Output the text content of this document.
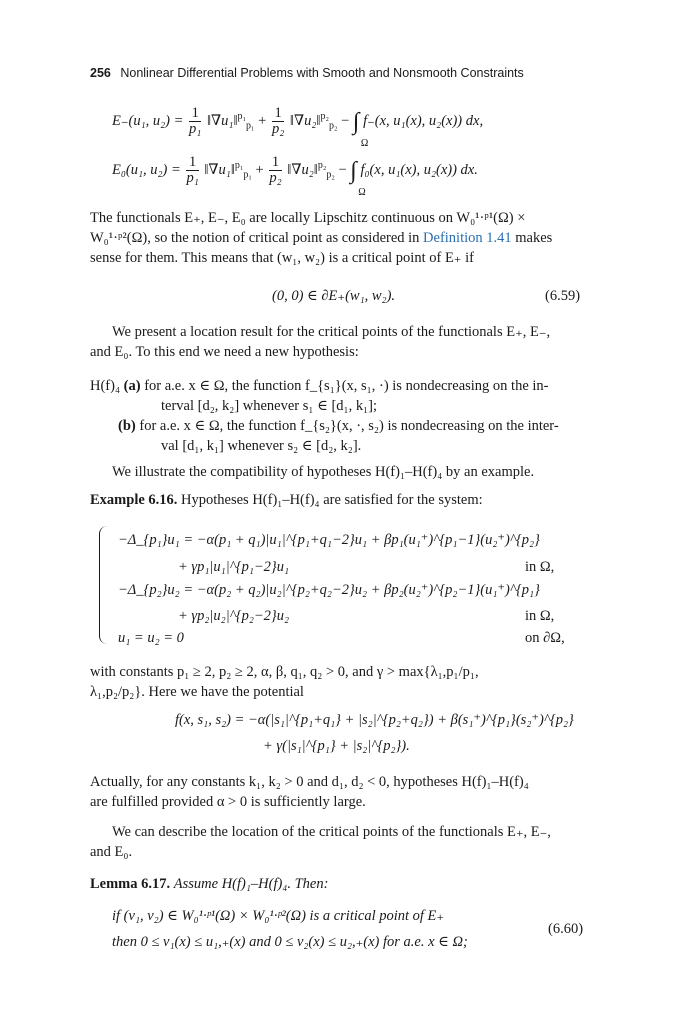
256 Nonlinear Differential Problems with Smooth and Nonsmooth Constraints
E₋(u₁, $u_2) = \frac{1}{\text{p₁}}$ ‖∇u₁‖$^{p_1}_{p_1}$ + $\frac{1}{\text{p₂}}$ ‖∇u₂‖$^{p_2}_{p_2}$ − ∫
Ω
f₋(x, u₁(x), u₂(x)) dx,
E₀(u₁, $u_2) = \frac{1}{\text{p₁}}$ ‖∇u₁‖$^{p_1}_{p_1}$ + $\frac{1}{\text{p₂}}$ ‖∇u₂‖$^{p_2}_{p_2}$ − ∫
Ω
f₀(x, u₁(x), u₂(x)) dx.
The functionals E₊, E₋, E₀ are locally Lipschitz continuous on W₀¹·ᵖ¹(Ω) ×
W₀¹·ᵖ²(Ω), so the notion of critical point as considered in Definition 1.41 makes
sense for them. This means that (w₁, w₂) is a critical point of E₊ if
(0, 0) ∈ ∂E₊(w₁, w₂).	(6.59)
We present a location result for the critical points of the functionals E₊, E₋,
and E₀. To this end we need a new hypothesis:
H(f)₄ (a) for a.e. x ∈ Ω, the function f_{s₁}(x, s₁, ·) is nondecreasing on the in-
terval [d₂, k₂] whenever s₁ ∈ [d₁, k₁];
(b) for a.e. x ∈ Ω, the function f_{s₂}(x, ·, s₂) is nondecreasing on the inter-
val [d₁, k₁] whenever s₂ ∈ [d₂, k₂].
We illustrate the compatibility of hypotheses H(f)₁–H(f)₄ by an example.
Example 6.16. Hypotheses H(f)₁–H(f)₄ are satisfied for the system:
−Δ_{p₁}u₁ = −α(p₁ + q₁)|u₁|^{p₁+q₁−2}u₁ + βp₁(u₁⁺)^{p₁−1}(u₂⁺)^{p₂}
+ γp₁|u₁|^{p₁−2}u₁	in Ω,
−Δ_{p₂}u₂ = −α(p₂ + q₂)|u₂|^{p₂+q₂−2}u₂ + βp₂(u₂⁺)^{p₂−1}(u₁⁺)^{p₁}
+ γp₂|u₂|^{p₂−2}u₂	in Ω,
u₁ = u₂ = 0	on ∂Ω,
with constants p₁ ≥ 2, p₂ ≥ 2, α, β, q₁, q₂ > 0, and γ > max{λ₁,p₁/p₁,
λ₁,p₂/p₂}. Here we have the potential
f(x, s₁, s₂) = −α(|s₁|^{p₁+q₁} + |s₂|^{p₂+q₂}) + β(s₁⁺)^{p₁}(s₂⁺)^{p₂}
+ γ(|s₁|^{p₁} + |s₂|^{p₂}).
Actually, for any constants k₁, k₂ > 0 and d₁, d₂ < 0, hypotheses H(f)₁–H(f)₄
are fulfilled provided α > 0 is sufficiently large.
We can describe the location of the critical points of the functionals E₊, E₋,
and E₀.
Lemma 6.17. Assume H(f)₁–H(f)₄. Then:
if (v₁, v₂) ∈ W₀¹·ᵖ¹(Ω) × W₀¹·ᵖ²(Ω) is a critical point of E₊
then 0 ≤ v₁(x) ≤ u₁,₊(x) and 0 ≤ v₂(x) ≤ u₂,₊(x) for a.e. x ∈ Ω;
(6.60)
